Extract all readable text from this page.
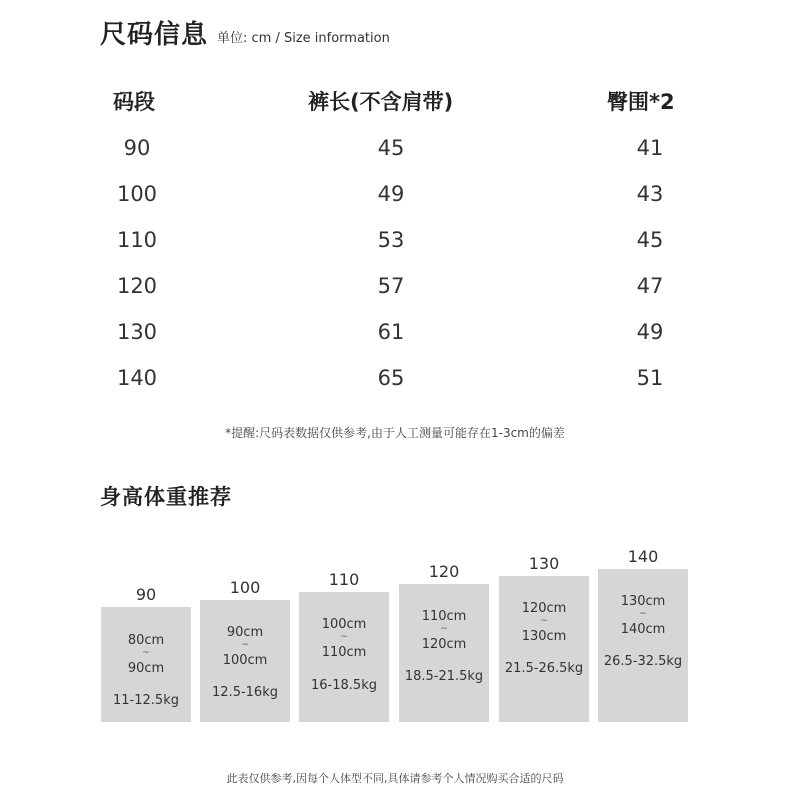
尺码信息 单位: cm / Size information
码段	裤长(不含肩带)	臀围*2
90	45	41
100	49	43
110	53	45
120	57	47
130	61	49
140	65	51
*提醒:尺码表数据仅供参考,由于人工测量可能存在1-3cm的偏差
身高体重推荐
90
80cm
~
90cm
11-12.5kg
100
90cm
~
100cm
12.5-16kg
110
100cm
~
110cm
16-18.5kg
120
110cm
~
120cm
18.5-21.5kg
130
120cm
~
130cm
21.5-26.5kg
140
130cm
~
140cm
26.5-32.5kg
此表仅供参考,因每个人体型不同,具体请参考个人情况购买合适的尺码
